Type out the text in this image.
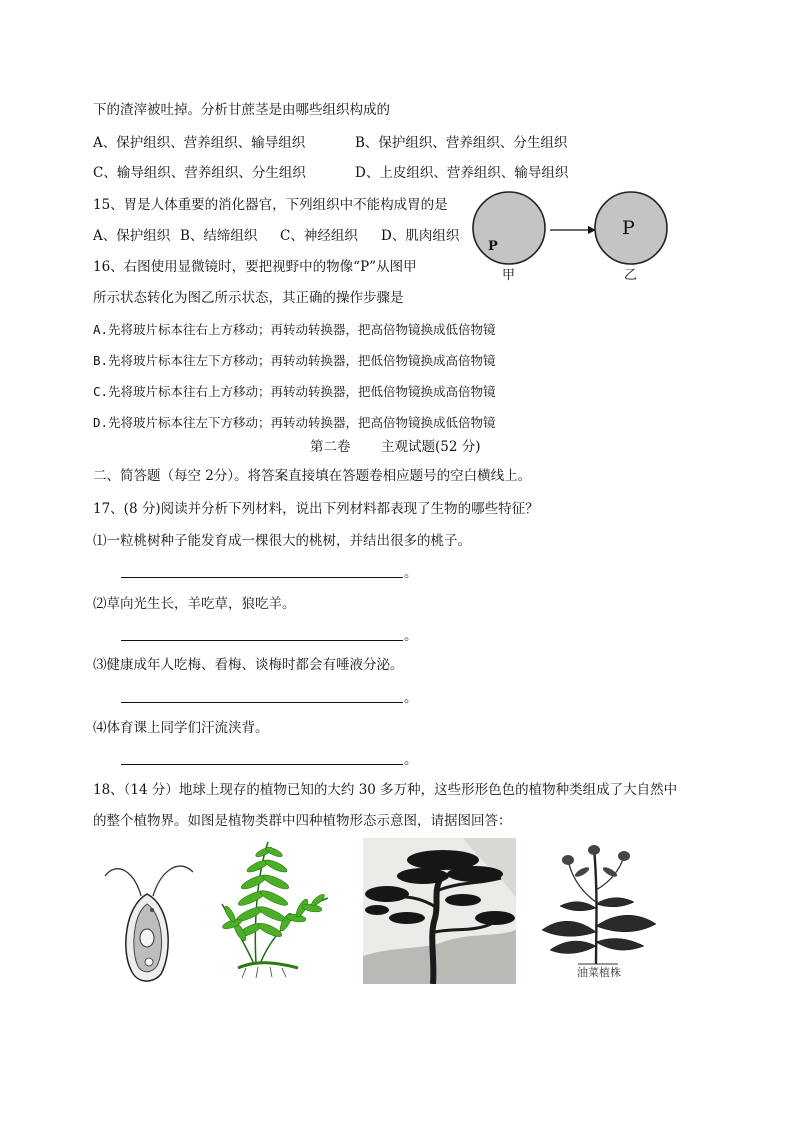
下的渣滓被吐掉。分析甘蔗茎是由哪些组织构成的
A、保护组织、营养组织、输导组织	B、保护组织、营养组织、分生组织
C、输导组织、营养组织、分生组织	D、上皮组织、营养组织、输导组织
15、胃是人体重要的消化器官，下列组织中不能构成胃的是
A、保护组织 B、结缔组织 C、神经组织 D、肌肉组织
P
P
甲	乙
16、右图使用显微镜时，要把视野中的物像“P”从图甲
所示状态转化为图乙所示状态，其正确的操作步骤是
A.先将玻片标本往右上方移动；再转动转换器，把高倍物镜换成低倍物镜
B.先将玻片标本往左下方移动；再转动转换器，把低倍物镜换成高倍物镜
C.先将玻片标本往右上方移动；再转动转换器，把低倍物镜换成高倍物镜
D.先将玻片标本往左下方移动；再转动转换器，把高倍物镜换成低倍物镜
第二卷 主观试题(52 分)
二、简答题（每空 2分）。将答案直接填在答题卷相应题号的空白横线上。
17、(8 分)阅读并分析下列材料，说出下列材料都表现了生物的哪些特征？
⑴一粒桃树种子能发育成一棵很大的桃树，并结出很多的桃子。
。
⑵草向光生长，羊吃草，狼吃羊。
。
⑶健康成年人吃梅、看梅、谈梅时都会有唾液分泌。
。
⑷体育课上同学们汗流浃背。
。
18、（14 分）地球上现存的植物已知的大约 30 多万种，这些形形色色的植物种类组成了大自然中
的整个植物界。如图是植物类群中四种植物形态示意图，请据图回答：
油菜植株
